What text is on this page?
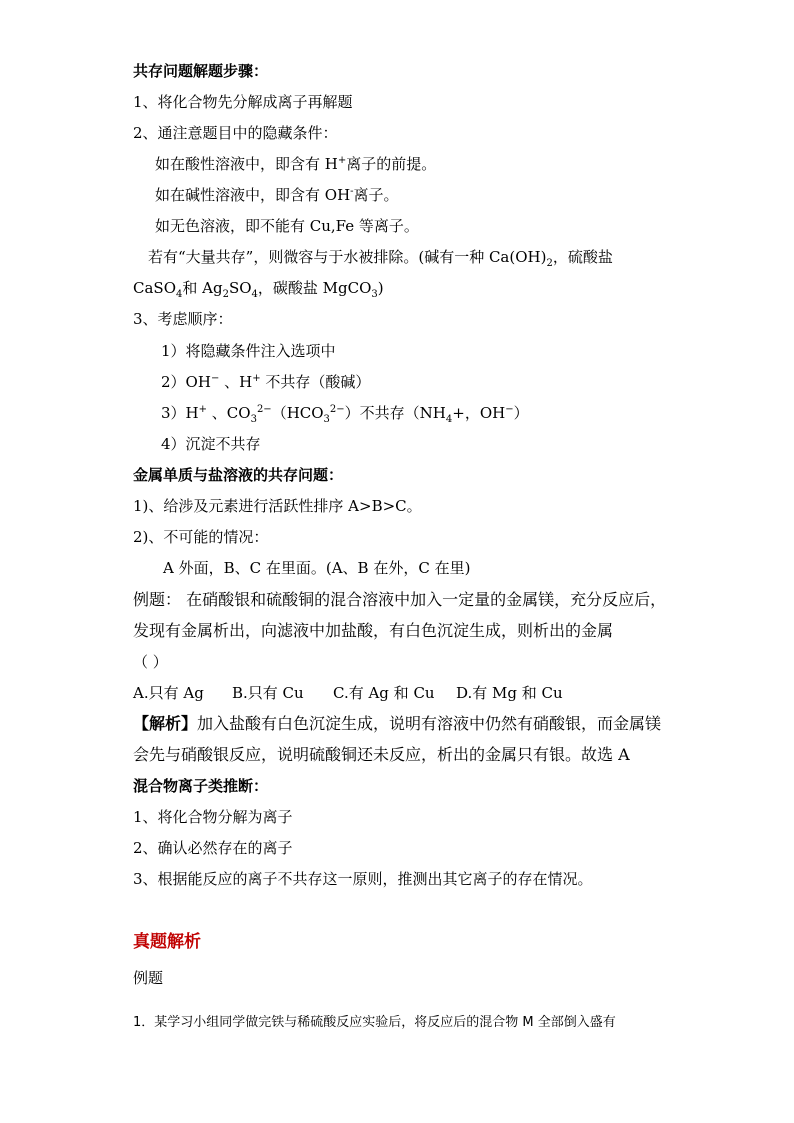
共存问题解题步骤：
1、将化合物先分解成离子再解题
2、通注意题目中的隐藏条件：
如在酸性溶液中，即含有 H+离子的前提。
如在碱性溶液中，即含有 OH-离子。
如无色溶液，即不能有 Cu,Fe 等离子。
若有“大量共存”，则微容与于水被排除。(碱有一种 $Ca(OH)_2$，硫酸盐
CaSO$_4$和 $Ag_2SO_4$，碳酸盐 MgCO$_3$)
3、考虑顺序：
1）将隐藏条件注入选项中
2）OH− 、H+ 不共存（酸碱）
3）H+ 、$CO_3^{2-}(HCO_3^{2-})$不共存（$NH_4+$，OH−）
4）沉淀不共存
金属单质与盐溶液的共存问题：
1)、给涉及元素进行活跃性排序 A>B>C。
2)、不可能的情况：
A 外面，B、C 在里面。(A、B 在外，C 在里)
例题： 在硝酸银和硫酸铜的混合溶液中加入一定量的金属镁，充分反应后，
发现有金属析出，向滤液中加盐酸，有白色沉淀生成，则析出的金属
（ ）
A.只有 Ag B.只有 Cu C.有 Ag 和 Cu D.有 Mg 和 Cu
【解析】加入盐酸有白色沉淀生成，说明有溶液中仍然有硝酸银，而金属镁
会先与硝酸银反应，说明硫酸铜还未反应，析出的金属只有银。故选 A
混合物离子类推断：
1、将化合物分解为离子
2、确认必然存在的离子
3、根据能反应的离子不共存这一原则，推测出其它离子的存在情况。
真题解析
例题
1．某学习小组同学做完铁与稀硫酸反应实验后，将反应后的混合物 M 全部倒入盛有
